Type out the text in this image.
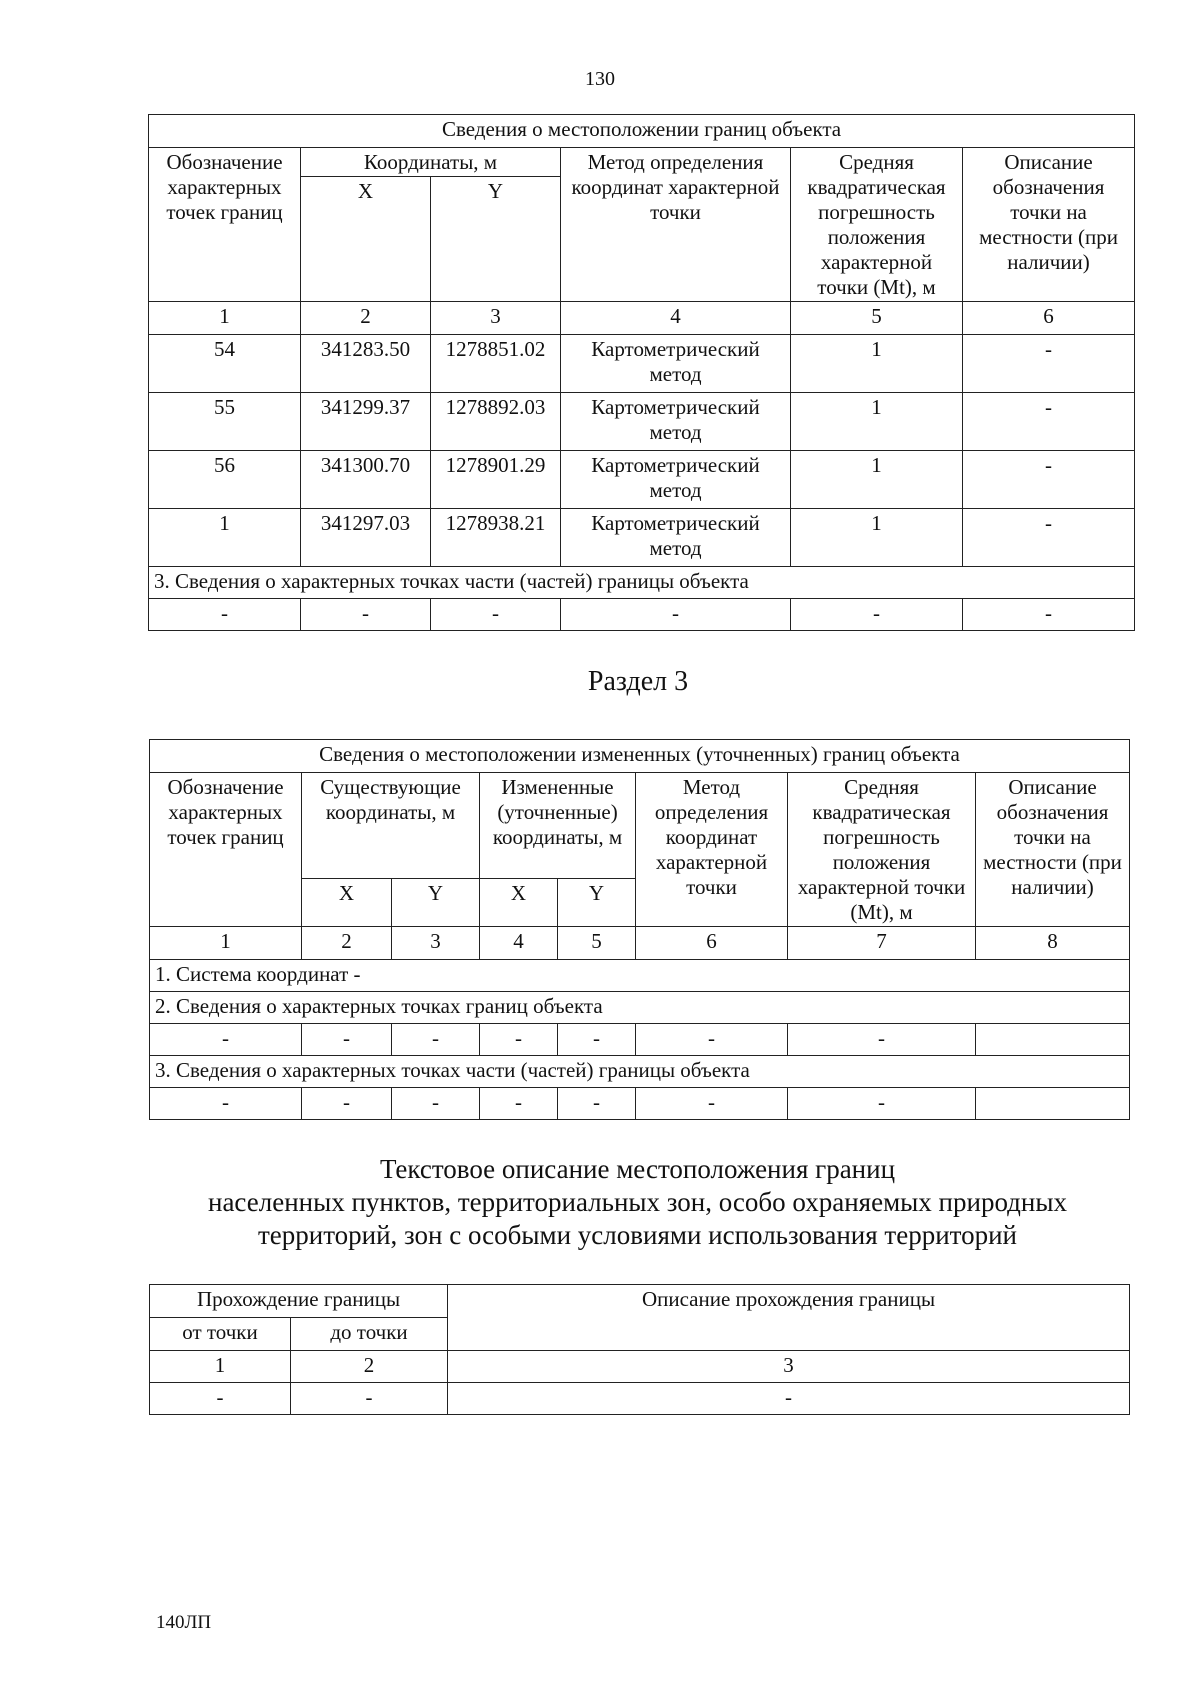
130
Сведения о местоположении границ объекта					
Обозначение характерных точек границ	Координаты, м		Метод определения координат характерной точки	Средняя квадратическая погрешность положения характерной точки (Mt), м	Описание обозначения точки на местности (при наличии)
	X	Y			
1	2	3	4	5	6
54	341283.50	1278851.02	Картометрический метод	1	-
55	341299.37	1278892.03	Картометрический метод	1	-
56	341300.70	1278901.29	Картометрический метод	1	-
1	341297.03	1278938.21	Картометрический метод	1	-
3. Сведения о характерных точках части (частей) границы объекта					
-	-	-	-	-	-
Раздел 3
Сведения о местоположении измененных (уточненных) границ объекта							
Обозначение характерных точек границ	Существующие координаты, м		Измененные (уточненные) координаты, м		Метод определения координат характерной точки	Средняя квадратическая погрешность положения характерной точки (Mt), м	Описание обозначения точки на местности (при наличии)
	X	Y	X	Y			
1	2	3	4	5	6	7	8
1. Система координат -							
2. Сведения о характерных точках границ объекта							
-	-	-	-	-	-	-	
3. Сведения о характерных точках части (частей) границы объекта							
-	-	-	-	-	-	-	
Текстовое описание местоположения границ
населенных пунктов, территориальных зон, особо охраняемых природных
территорий, зон с особыми условиями использования территорий
Прохождение границы		Описание прохождения границы
от точки	до точки	
1	2	3
-	-	-
140ЛП
